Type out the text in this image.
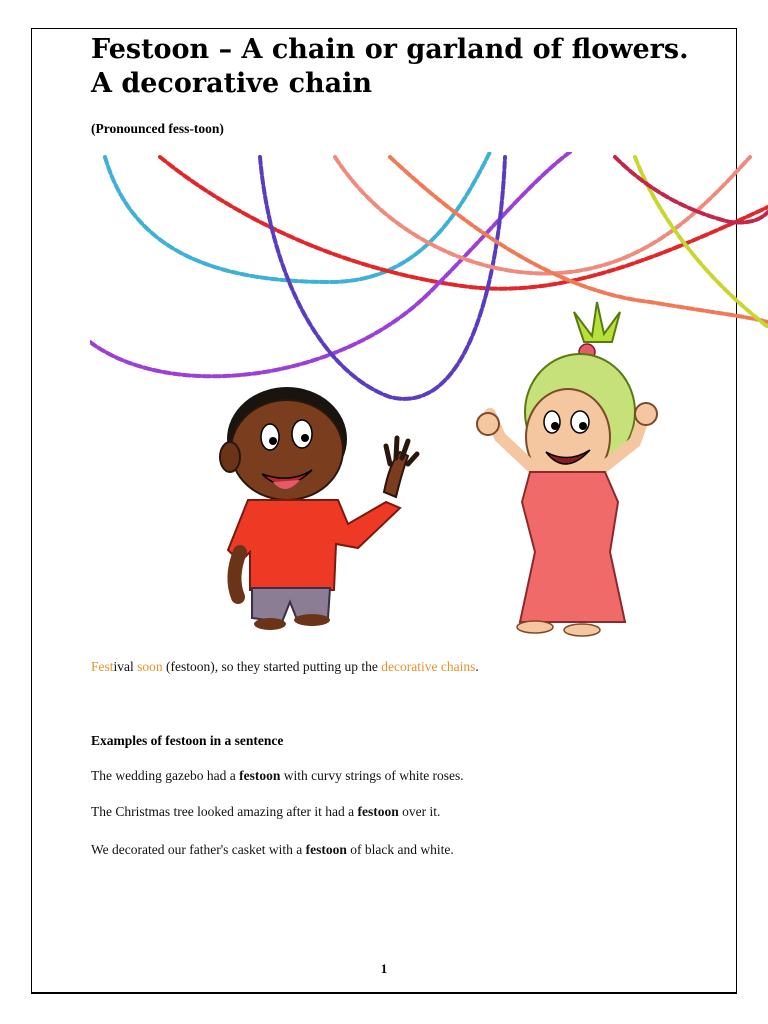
Festoon – A chain or garland of flowers. A decorative chain

(Pronounced fess-toon)

Festival soon (festoon), so they started putting up the decorative chains.

Examples of festoon in a sentence

The wedding gazebo had a festoon with curvy strings of white roses.

The Christmas tree looked amazing after it had a festoon over it.

We decorated our father's casket with a festoon of black and white.

1
